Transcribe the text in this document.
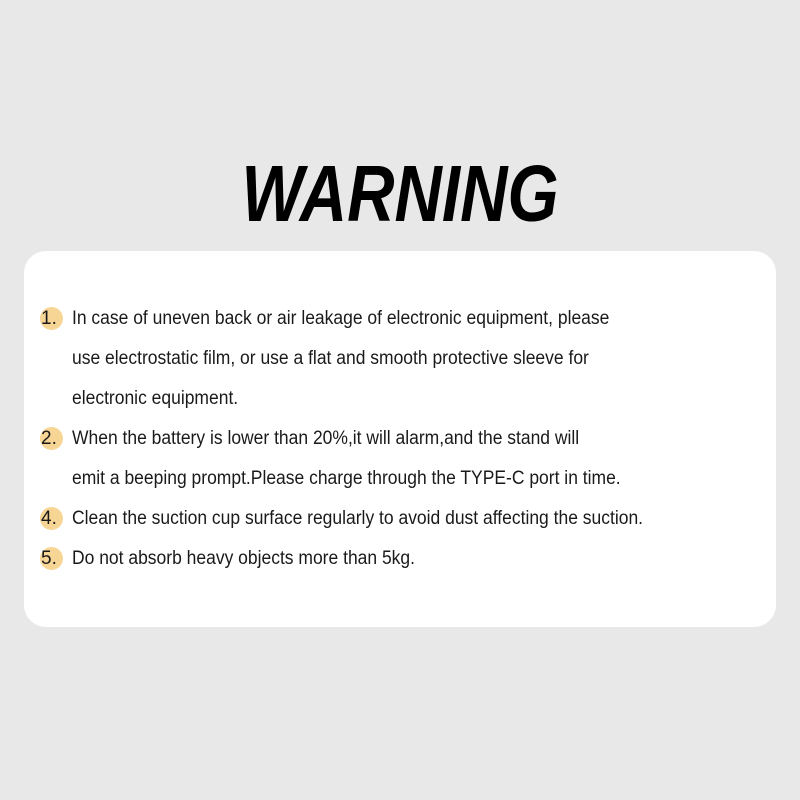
WARNING
1. In case of uneven back or air leakage of electronic equipment, please
use electrostatic film, or use a flat and smooth protective sleeve for
electronic equipment.
2. When the battery is lower than 20%,it will alarm,and the stand will
emit a beeping prompt.Please charge through the TYPE-C port in time.
4. Clean the suction cup surface regularly to avoid dust affecting the suction.
5. Do not absorb heavy objects more than 5kg.
